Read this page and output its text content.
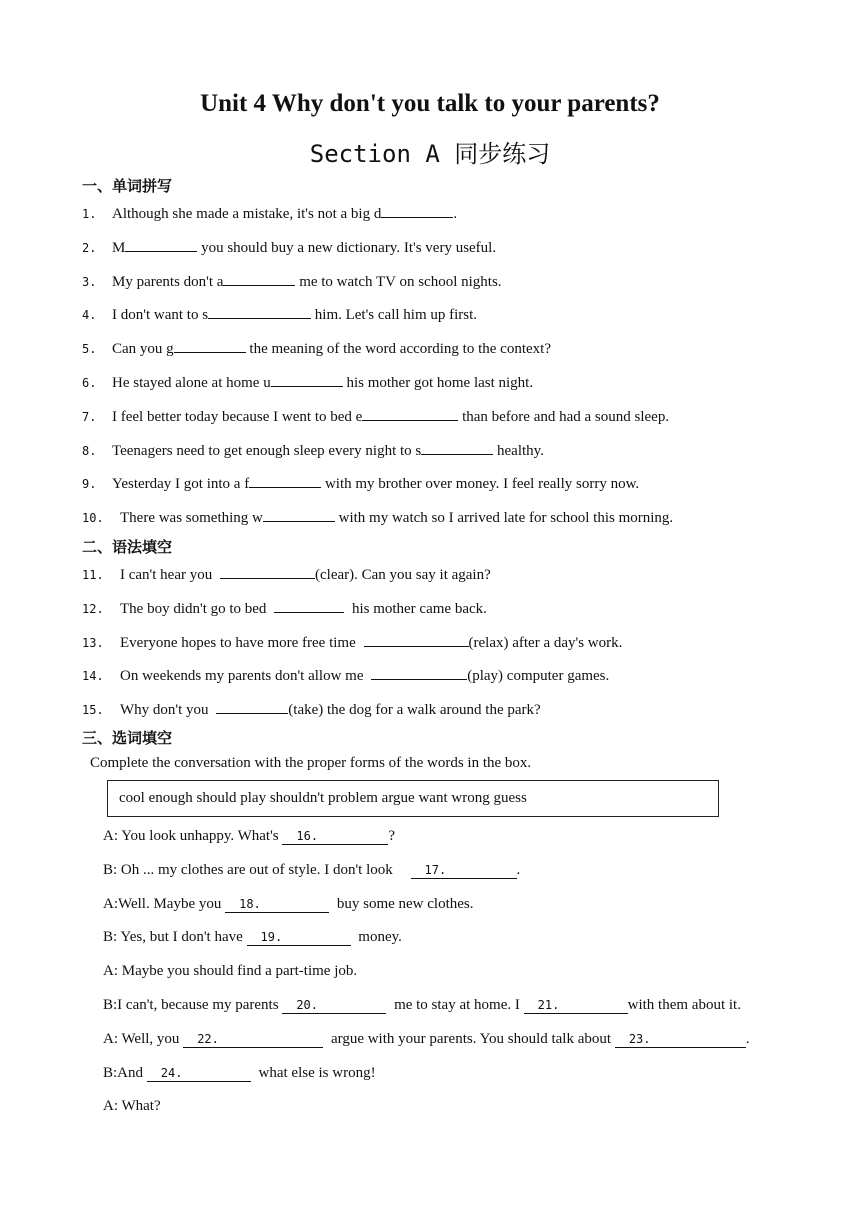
Unit 4 Why don't you talk to your parents?
Section A 同步练习
一、单词拼写
1. Although she made a mistake, it's not a big d	.
2. M	you should buy a new dictionary. It's very useful.
3. My parents don't a	me to watch TV on school nights.
4. I don't want to s	him. Let's call him up first.
5. Can you g	the meaning of the word according to the context?
6. He stayed alone at home u	his mother got home last night.
7. I feel better today because I went to bed e	than before and had a sound sleep.
8. Teenagers need to get enough sleep every night to s	healthy.
9. Yesterday I got into a f	with my brother over money. I feel really sorry now.
10. There was something w	with my watch so I arrived late for school this morning.
二、语法填空
11. I can't hear you	(clear). Can you say it again?
12. The boy didn't go to bed	his mother came back.
13. Everyone hopes to have more free time	(relax) after a day's work.
14. On weekends my parents don't allow me	(play) computer games.
15. Why don't you	(take) the dog for a walk around the park?
三、选词填空
Complete the conversation with the proper forms of the words in the box.
cool enough should play shouldn't problem argue want wrong guess
A: You look unhappy. What's 16.	?
B: Oh ... my clothes are out of style. I don't look 17.	.
A:Well. Maybe you 18.	buy some new clothes.
B: Yes, but I don't have 19.	money.
A: Maybe you should find a part-time job.
B:I can't, because my parents 20.	me to stay at home. I 21.	with them about it.
A: Well, you 22.	argue with your parents. You should talk about 23.	.
B:And 24.	what else is wrong!
A: What?
